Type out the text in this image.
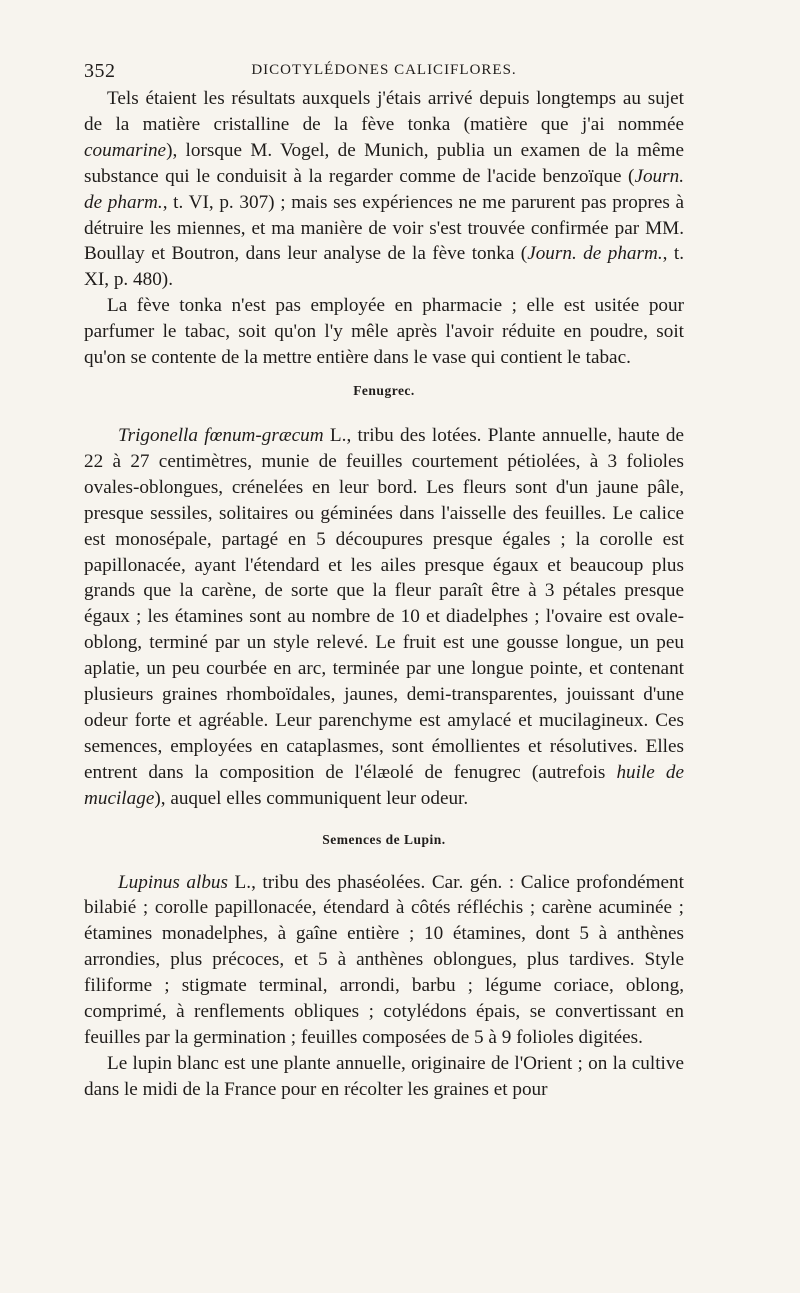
352	DICOTYLÉDONES CALICIFLORES.

Tels étaient les résultats auxquels j'étais arrivé depuis longtemps au sujet de la matière cristalline de la fève tonka (matière que j'ai nommée coumarine), lorsque M. Vogel, de Munich, publia un examen de la même substance qui le conduisit à la regarder comme de l'acide benzoïque (Journ. de pharm., t. VI, p. 307) ; mais ses expériences ne me parurent pas propres à détruire les miennes, et ma manière de voir s'est trouvée confirmée par MM. Boullay et Boutron, dans leur analyse de la fève tonka (Journ. de pharm., t. XI, p. 480).

La fève tonka n'est pas employée en pharmacie ; elle est usitée pour parfumer le tabac, soit qu'on l'y mêle après l'avoir réduite en poudre, soit qu'on se contente de la mettre entière dans le vase qui contient le tabac.

Fenugrec.

Trigonella fœnum-græcum L., tribu des lotées. Plante annuelle, haute de 22 à 27 centimètres, munie de feuilles courtement pétiolées, à 3 folioles ovales-oblongues, crénelées en leur bord. Les fleurs sont d'un jaune pâle, presque sessiles, solitaires ou géminées dans l'aisselle des feuilles. Le calice est monosépale, partagé en 5 découpures presque égales ; la corolle est papillonacée, ayant l'étendard et les ailes presque égaux et beaucoup plus grands que la carène, de sorte que la fleur paraît être à 3 pétales presque égaux ; les étamines sont au nombre de 10 et diadelphes ; l'ovaire est ovale-oblong, terminé par un style relevé. Le fruit est une gousse longue, un peu aplatie, un peu courbée en arc, terminée par une longue pointe, et contenant plusieurs graines rhomboïdales, jaunes, demi-transparentes, jouissant d'une odeur forte et agréable. Leur parenchyme est amylacé et mucilagineux. Ces semences, employées en cataplasmes, sont émollientes et résolutives. Elles entrent dans la composition de l'élæolé de fenugrec (autrefois huile de mucilage), auquel elles communiquent leur odeur.

Semences de Lupin.

Lupinus albus L., tribu des phaséolées. Car. gén. : Calice profondément bilabié ; corolle papillonacée, étendard à côtés réfléchis ; carène acuminée ; étamines monadelphes, à gaîne entière ; 10 étamines, dont 5 à anthènes arrondies, plus précoces, et 5 à anthènes oblongues, plus tardives. Style filiforme ; stigmate terminal, arrondi, barbu ; légume coriace, oblong, comprimé, à renflements obliques ; cotylédons épais, se convertissant en feuilles par la germination ; feuilles composées de 5 à 9 folioles digitées.

Le lupin blanc est une plante annuelle, originaire de l'Orient ; on la cultive dans le midi de la France pour en récolter les graines et pour
